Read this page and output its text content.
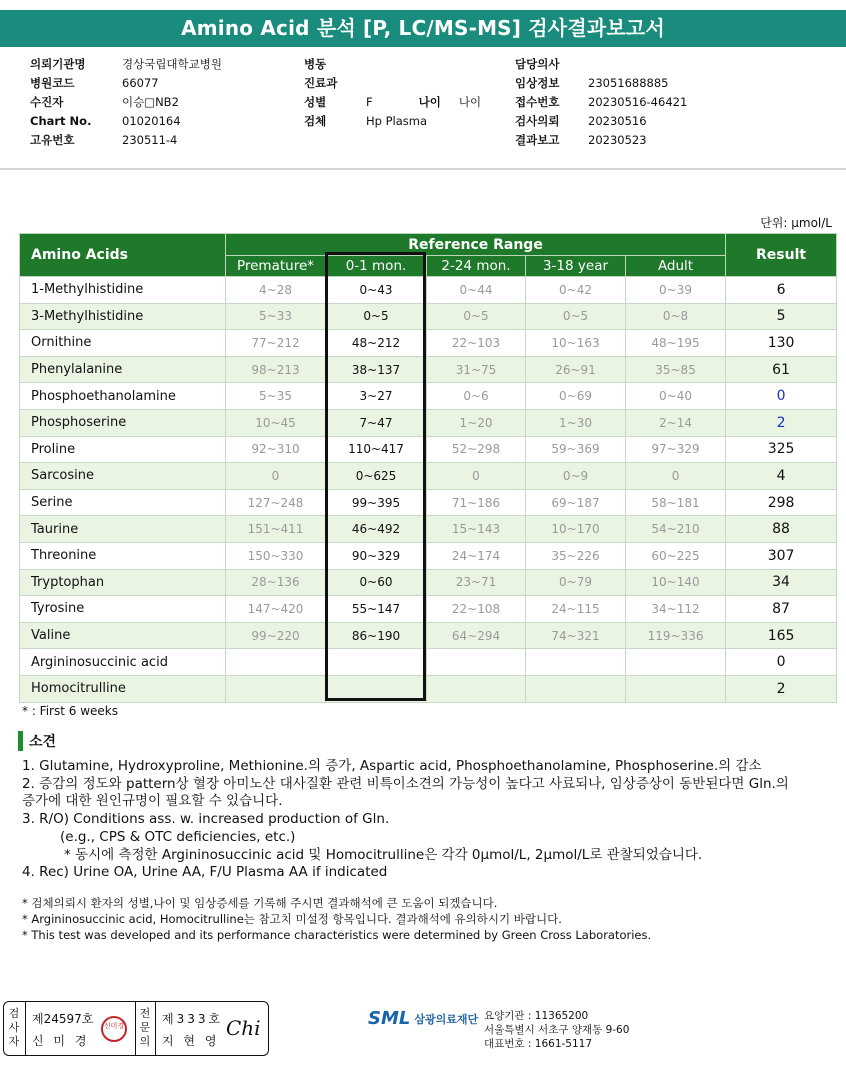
Amino Acid 분석 [P, LC/MS-MS] 검사결과보고서
의뢰기관명	경상국립대학교병원
병원코드	66077
수진자	이승□NB2
Chart No.	01020164
고유번호	230511-4
병동
진료과
성별	F	나이 나이
검체	Hp Plasma
담당의사
임상정보	23051688885
접수번호	20230516-46421
검사의뢰	20230516
결과보고	20230523
단위: μmol/L
Amino Acids	Reference Range					Result
	Premature*	0-1 mon.	2-24 mon.	3-18 year	Adult	
1-Methylhistidine	4~28	0~43	0~44	0~42	0~39	6
3-Methylhistidine	5~33	0~5	0~5	0~5	0~8	5
Ornithine	77~212	48~212	22~103	10~163	48~195	130
Phenylalanine	98~213	38~137	31~75	26~91	35~85	61
Phosphoethanolamine	5~35	3~27	0~6	0~69	0~40	0
Phosphoserine	10~45	7~47	1~20	1~30	2~14	2
Proline	92~310	110~417	52~298	59~369	97~329	325
Sarcosine	0	0~625	0	0~9	0	4
Serine	127~248	99~395	71~186	69~187	58~181	298
Taurine	151~411	46~492	15~143	10~170	54~210	88
Threonine	150~330	90~329	24~174	35~226	60~225	307
Tryptophan	28~136	0~60	23~71	0~79	10~140	34
Tyrosine	147~420	55~147	22~108	24~115	34~112	87
Valine	99~220	86~190	64~294	74~321	119~336	165
Argininosuccinic acid						0
Homocitrulline						2
* : First 6 weeks
소견
1. Glutamine, Hydroxyproline, Methionine.의 증가, Aspartic acid, Phosphoethanolamine, Phosphoserine.의 감소
2. 증감의 정도와 pattern상 혈장 아미노산 대사질환 관련 비특이소견의 가능성이 높다고 사료되나, 임상증상이 동반된다면 Gln.의
증가에 대한 원인규명이 필요할 수 있습니다.
3. R/O) Conditions ass. w. increased production of Gln.
(e.g., CPS & OTC deficiencies, etc.)
* 동시에 측정한 Argininosuccinic acid 및 Homocitrulline은 각각 0μmol/L, 2μmol/L로 관찰되었습니다.
4. Rec) Urine OA, Urine AA, F/U Plasma AA if indicated
* 검체의뢰시 환자의 성별,나이 및 임상증세를 기록해 주시면 결과해석에 큰 도움이 되겠습니다.
* Argininosuccinic acid, Homocitrulline는 참고치 미설정 항목입니다. 결과해석에 유의하시기 바랍니다.
* This test was developed and its performance characteristics were determined by Green Cross Laboratories.
검사자
제24597호
신 미 경
신미경
전문의
제333호
지 현 영
Chi	SML 삼광의료재단 요양기관 : 11365200
서울특별시 서초구 양재동 9-60
대표번호 : 1661-5117
